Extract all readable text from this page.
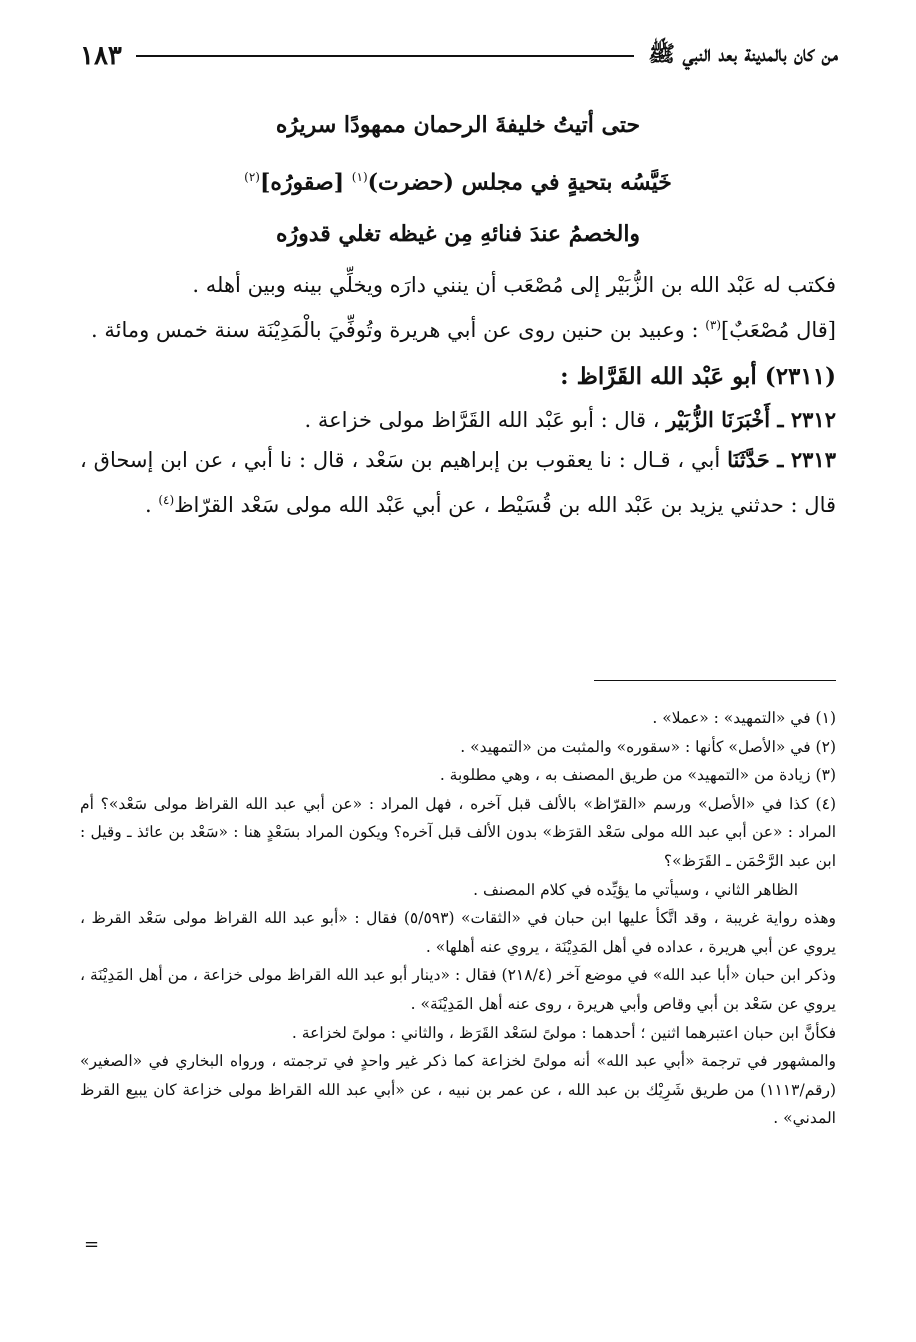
من كان بالمدينة بعد النبي ﷺ
١٨٣

حتى أتيتُ خليفةَ الرحمان ممهودًا سريرُه

خَيَّسُه بتحيةٍ في مجلس (حضرت)$^{(١)}$ [صقورُه]$^{(٢)}$

والخصمُ عندَ فنائهِ مِن غيظه تغلي قدورُه

فكتب له عَبْد الله بن الزُّبَيْر إلى مُصْعَب أن ينني دارَه ويخلِّي بينه وبين أهله .

[قال مُصْعَبٌ]$^{(٣)}$ : وعبيد بن حنين روى عن أبي هريرة وتُوفِّيَ بالْمَدِيْنَة سنة خمس ومائة .

(٢٣١١) أبو عَبْد الله القَرَّاظ :

٢٣١٢ ـ أَخْبَرَنَا الزُّبَيْر ، قال : أبو عَبْد الله القَرَّاظ مولى خزاعة .

٢٣١٣ ـ حَدَّثَنَا أبي ، قـال : نا يعقوب بن إبراهيم بن سَعْد ، قال : نا أبي ، عن ابن إسحاق ، قال : حدثني يزيد بن عَبْد الله بن قُسَيْط ، عن أبي عَبْد الله مولى سَعْد القرّاظ$^{(٤)}$ .

(١) في «التمهيد» : «عملا» .

(٢) في «الأصل» كأنها : «سقوره» والمثبت من «التمهيد» .

(٣) زيادة من «التمهيد» من طريق المصنف به ، وهي مطلوبة .

(٤) كذا في «الأصل» ورسم «القرّاظ» بالألف قبل آخره ، فهل المراد : «عن أبي عبد الله القراظ مولى سَعْد»؟ أم المراد : «عن أبي عبد الله مولى سَعْد القرَظ» بدون الألف قبل آخره؟ ويكون المراد بسَعْدٍ هنا : «سَعْد بن عائذ ـ وقيل : ابن عبد الرَّحْمَن ـ القَرَظ»؟

الظاهر الثاني ، وسيأتي ما يؤيِّده في كلام المصنف .

وهذه رواية غريبة ، وقد اتَّكأ عليها ابن حبان في «الثقات» (٥/٥٩٣) فقال : «أبو عبد الله القراظ مولى سَعْد القرظ ، يروي عن أبي هريرة ، عداده في أهل المَدِيْنَة ، يروي عنه أهلها» .

وذكر ابن حبان «أبا عبد الله» في موضع آخر (٢١٨/٤) فقال : «دينار أبو عبد الله القراظ مولى خزاعة ، من أهل المَدِيْنَة ، يروي عن سَعْد بن أبي وقاص وأبي هريرة ، روى عنه أهل المَدِيْنَة» .

فكأنَّ ابن حبان اعتبرهما اثنين ؛ أحدهما : مولىً لسَعْد القَرَظ ، والثاني : مولىً لخزاعة .

والمشهور في ترجمة «أبي عبد الله» أنه مولىً لخزاعة كما ذكر غير واحدٍ في ترجمته ، ورواه البخاري في «الصغير» (رقم/١١١٣) من طريق شَرِيْك بن عبد الله ، عن عمر بن نبيه ، عن «أبي عبد الله القراظ مولى خزاعة كان يبيع القرظ المدني» .

=
